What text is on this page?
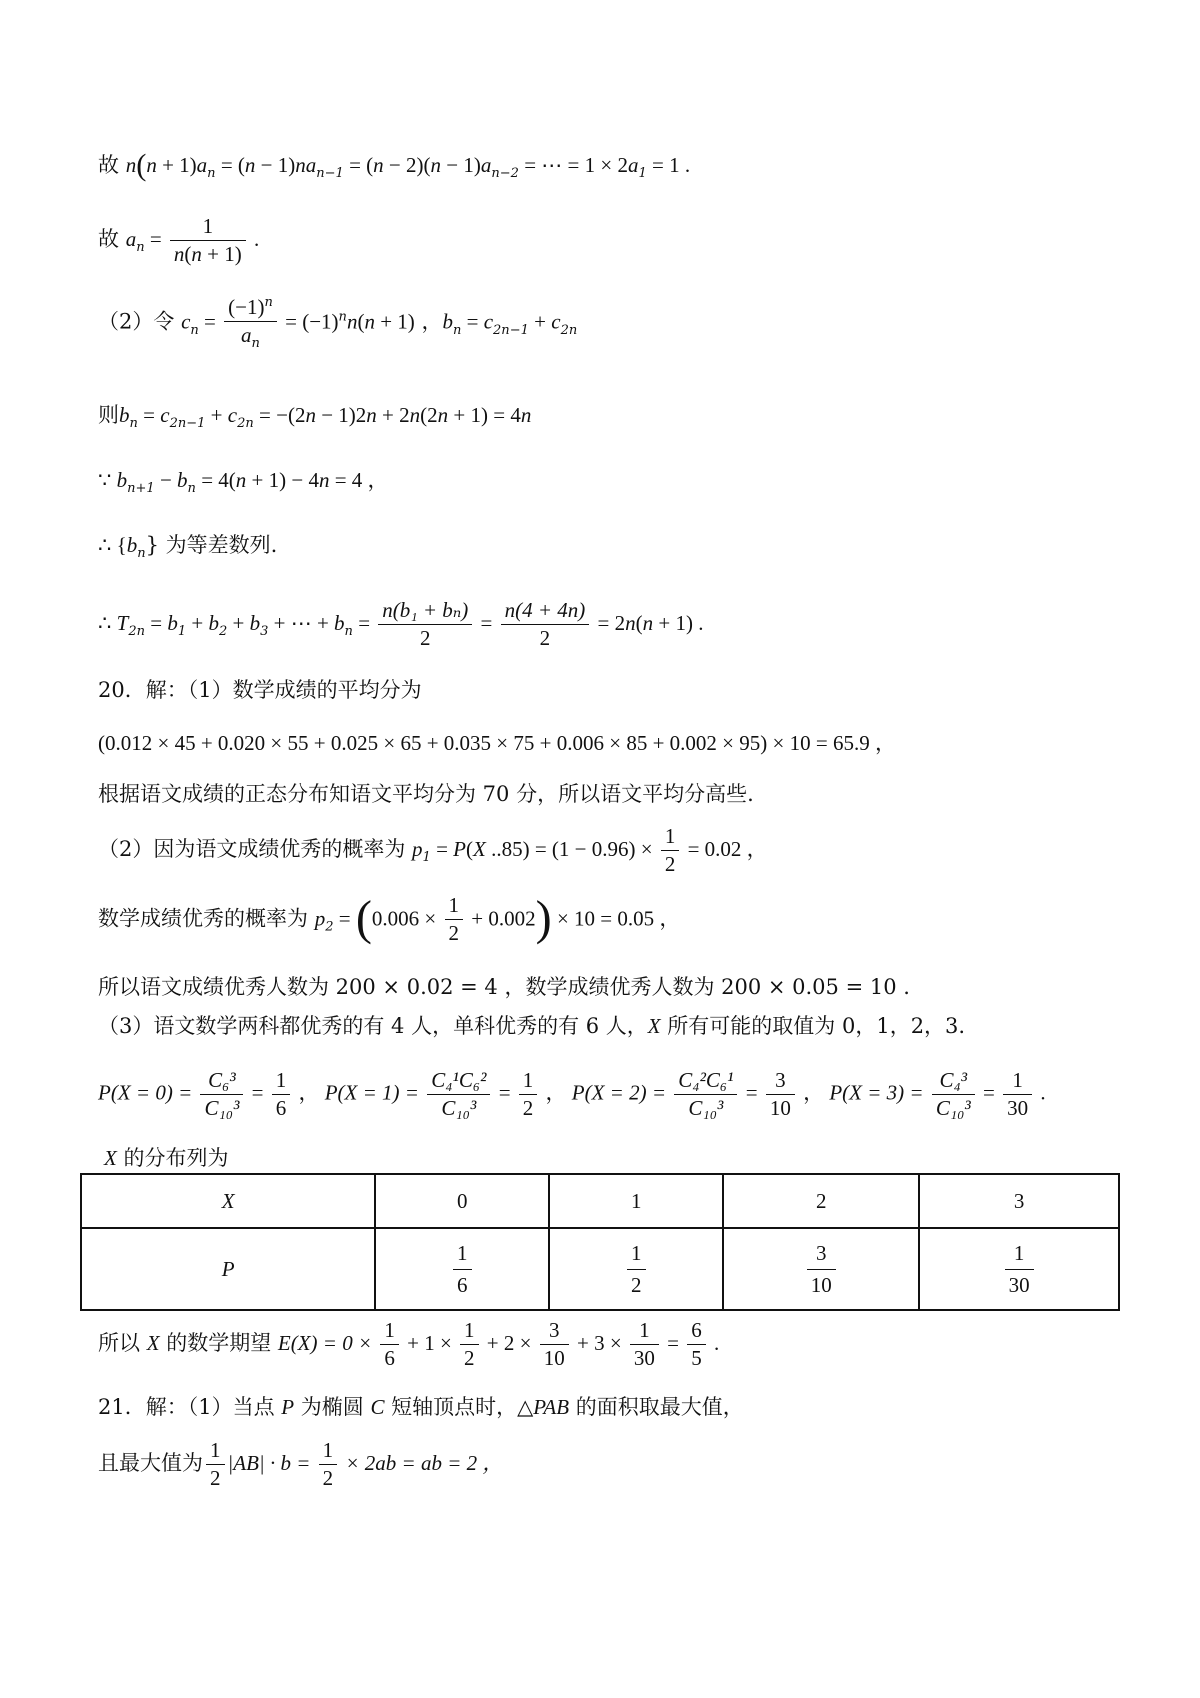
故 $n(n + 1)a_n = (n - 1)na_{n-1} = (n - 2)(n - 1)a_{n-2}$ = ⋯ = $1 \times 2a_1 = 1$ .
故 $a_n = \frac{1}{n(n + 1)}$ .
（2）令 $c_n = \frac{(-1)^n}{a_n} = (-1)^nn(n + 1)$ ，$b_n = c_{2n-1} + c_{2n}$
则$b_n = c_{2n-1} + c_{2n} = -(2n - 1)2n + 2n(2n + 1) = 4n$
∵ $b_{n+1} - b_n = 4(n + 1) - 4n = 4$ ，
∴ $\{b_n\}$ 为等差数列.
∴ $T_{2n} = b_1 + b_2 + b_3$ + ⋯ + $b_n = \frac{\text{n(b₁ + bₙ)}}{2} = \frac{n(4 + 4n)}{2} = 2n(n + 1)$ .
20．解：（1）数学成绩的平均分为
(0.012 × 45 + 0.020 × 55 + 0.025 × 65 + 0.035 × 75 + 0.006 × 85 + 0.002 × 95) × 10 = 65.9 ，
根据语文成绩的正态分布知语文平均分为 70 分，所以语文平均分高些.
（2）因为语文成绩优秀的概率为 $p_1 = P(X$ $..85) = (1 - 0.96) \times \frac{1}{2} = 0.02$ ，
数学成绩优秀的概率为 $p_2 = (0.006 \times \frac{1}{2} + 0.002) \times 10 = 0.05$ ，
所以语文成绩优秀人数为 200 × 0.02 = 4 ，数学成绩优秀人数为 200 × 0.05 = 10 .
（3）语文数学两科都优秀的有 4 人，单科优秀的有 6 人，X 所有可能的取值为 0，1，2，3.
$P(X = 0) = \frac{\text{C₆³}}{\text{C₁₀³}} = \frac{1}{6}$ ， $P(X = 1) = \frac{\text{C₄¹C₆²}}{\text{C₁₀³}} = \frac{1}{2}$ ， $P(X = 2) = \frac{\text{C₄²C₆¹}}{\text{C₁₀³}} = \frac{3}{10}$ ， $P(X = 3) = \frac{\text{C₄³}}{\text{C₁₀³}} = \frac{1}{30}$ .
X 的分布列为
X	0	1	2	3
P	$\frac{1}{6}$	$\frac{1}{2}$	$\frac{3}{10}$	$\frac{1}{30}$
所以 X 的数学期望 $E(X) = 0 \times \frac{1}{6} + 1 \times \frac{1}{2} + 2 \times \frac{3}{10} + 3 \times \frac{1}{30} = \frac{6}{5}$ .
21．解：（1）当点 P 为椭圆 C 短轴顶点时，△PAB 的面积取最大值，
且最大值为 $\frac{1}{2} |AB| \cdot b = \frac{1}{2} \times 2ab$ = ab = 2 ，
